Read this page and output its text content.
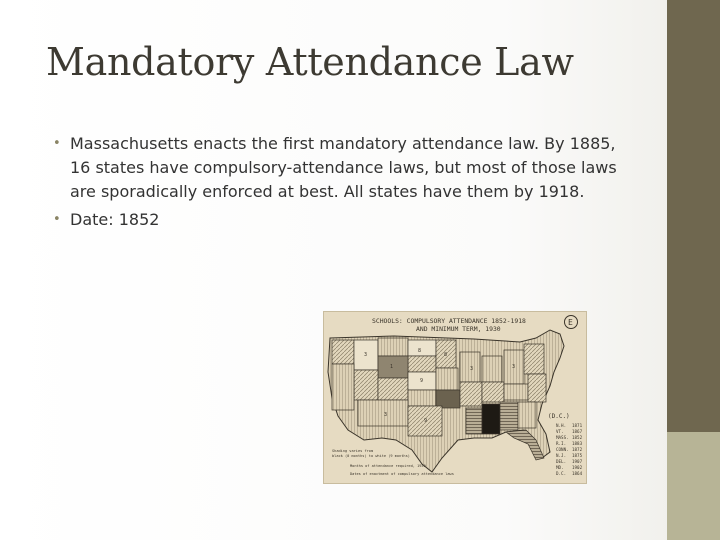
Mandatory Attendance Law
• Massachusetts enacts the first mandatory attendance law. By 1885, 16 states have compulsory-attendance laws, but most of those laws are sporadically enforced at best. All states have them by 1918.
• Date: 1852
SCHOOLS: COMPULSORY ATTENDANCE 1852-1918
AND MINIMUM TERM, 1930
E
3
1
8
9
8
3
9
3	3
(D.C.)
Shading varies from
black (0 months) to white (9 months)
Months of attendance required, 1930
Dates of enactment of compulsory attendance laws
N.H. 1871
VT. 1867
MASS. 1852
R.I. 1883
CONN. 1872
N.J. 1875
DEL. 1907
MD. 1902
D.C. 1864
